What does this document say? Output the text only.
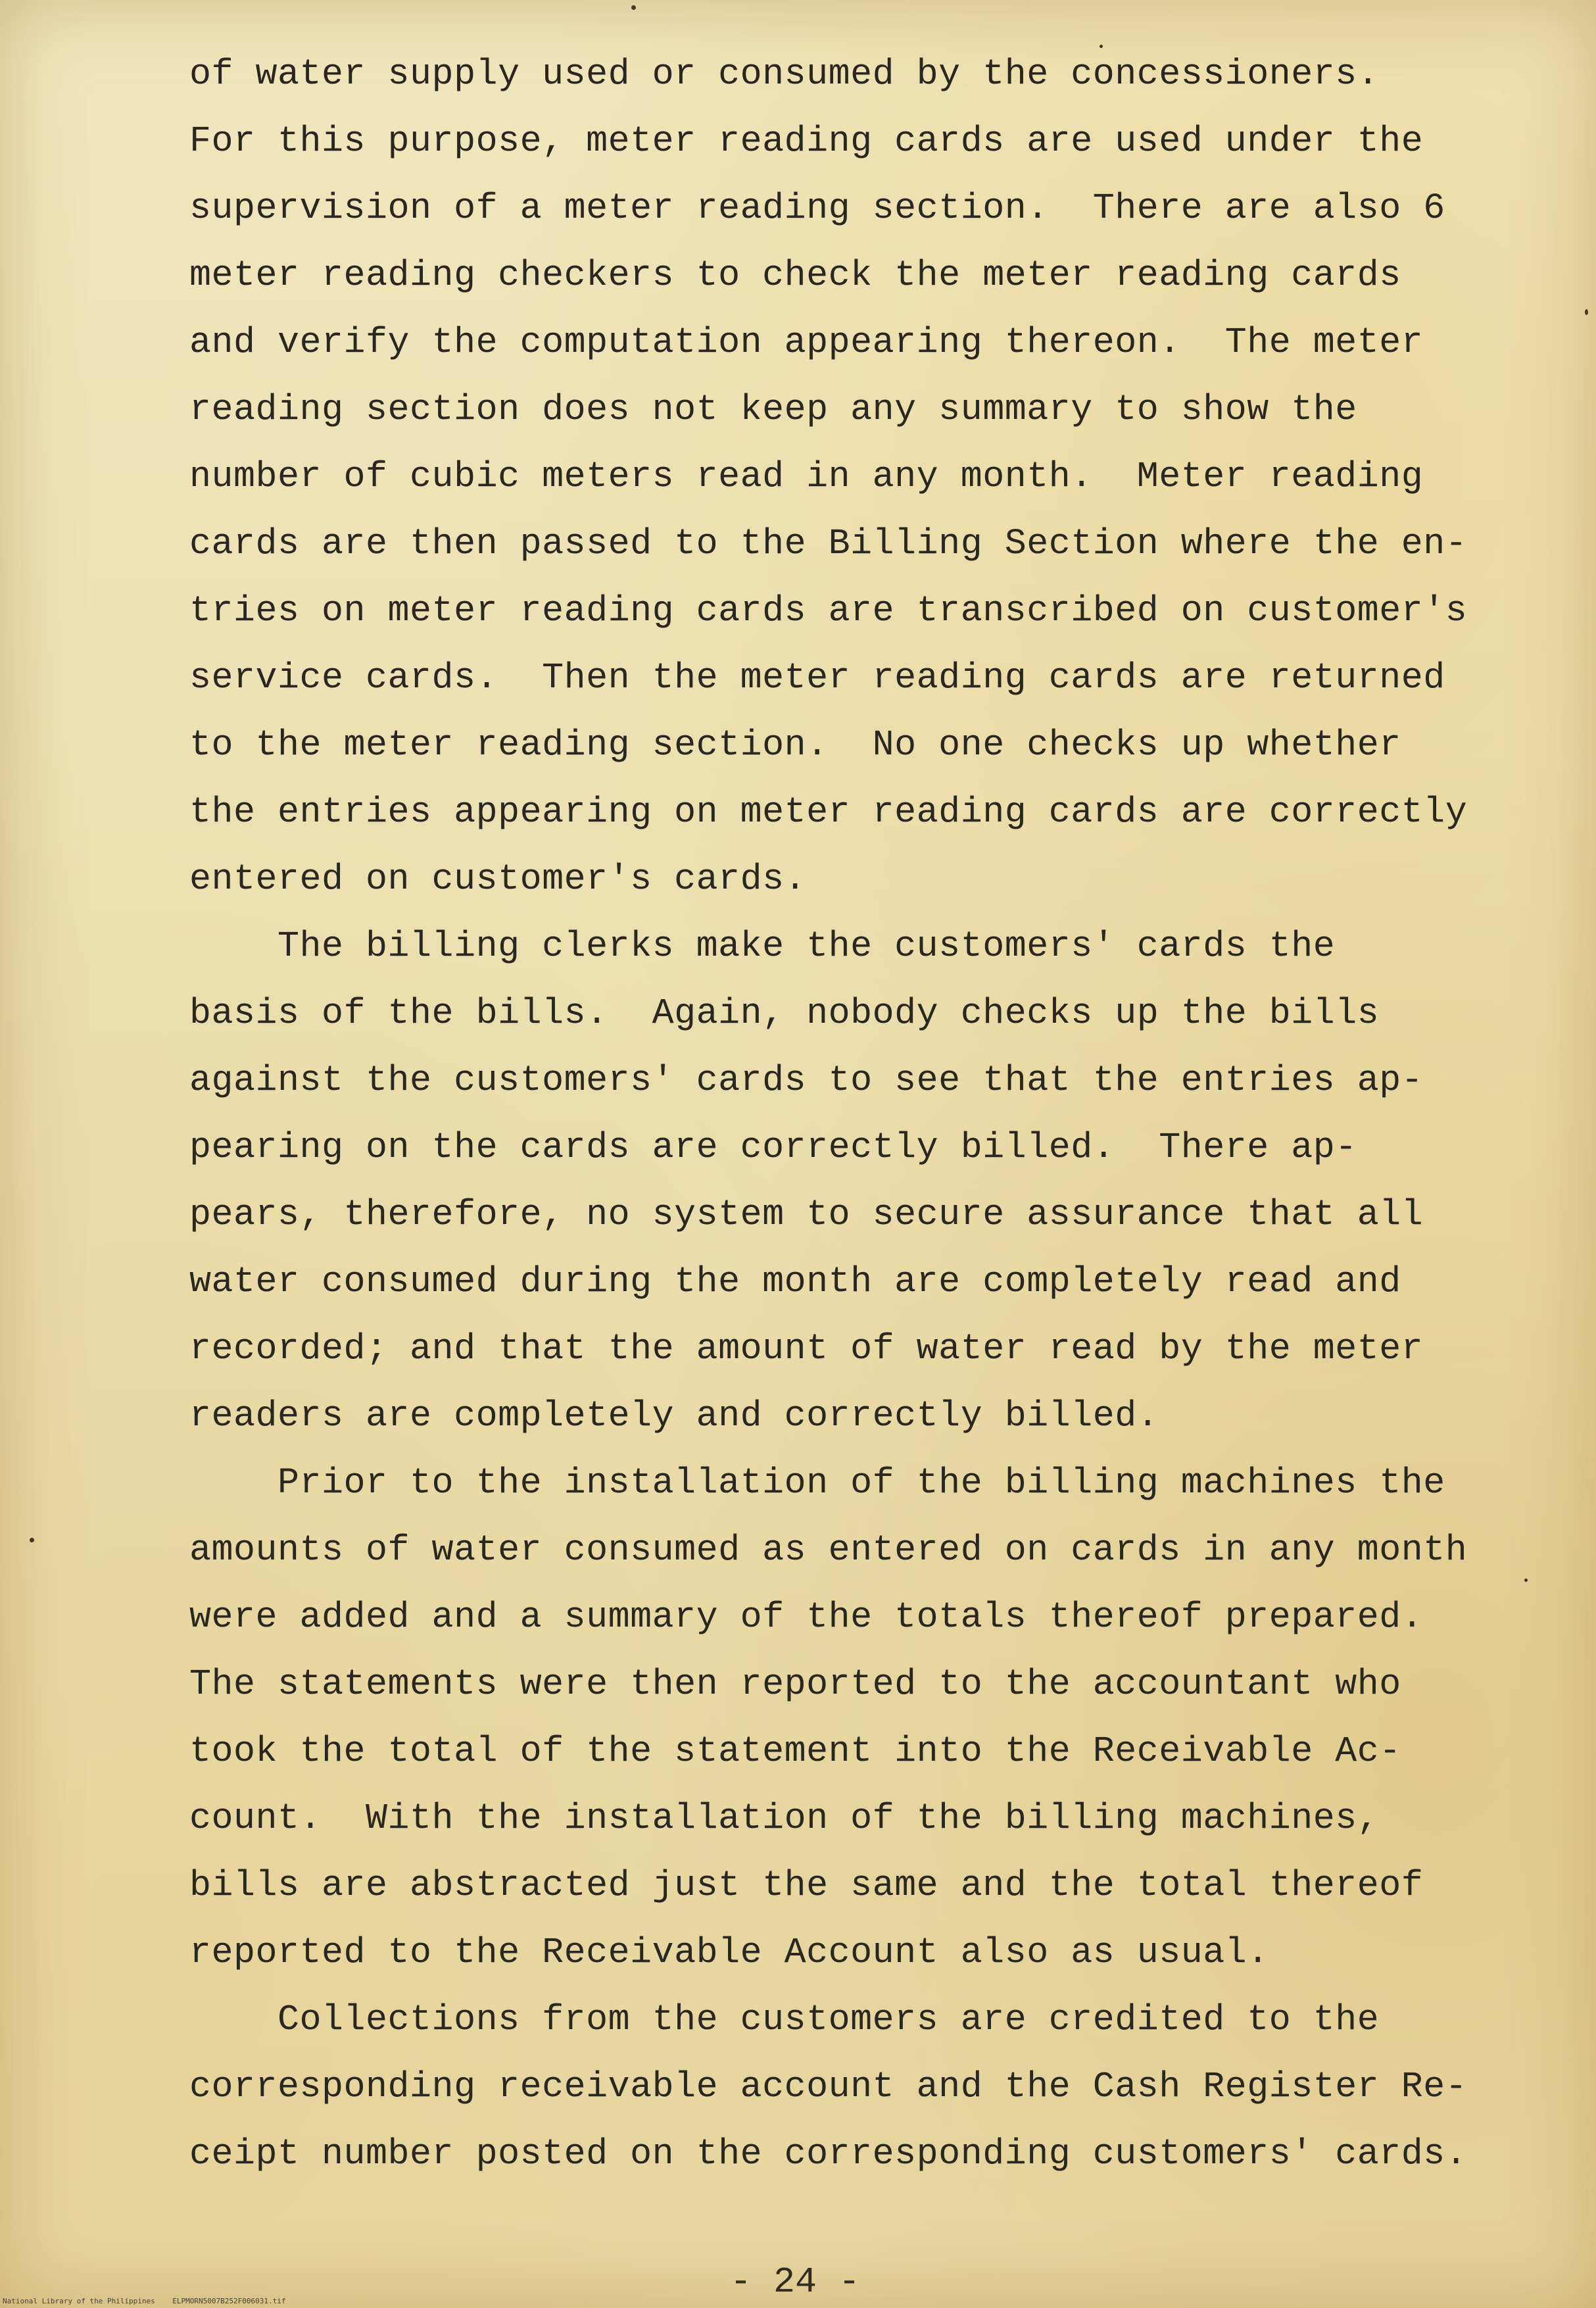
of water supply used or consumed by the concessioners.
For this purpose, meter reading cards are used under the
supervision of a meter reading section.  There are also 6
meter reading checkers to check the meter reading cards
and verify the computation appearing thereon.  The meter
reading section does not keep any summary to show the
number of cubic meters read in any month.  Meter reading
cards are then passed to the Billing Section where the en-
tries on meter reading cards are transcribed on customer's
service cards.  Then the meter reading cards are returned
to the meter reading section.  No one checks up whether
the entries appearing on meter reading cards are correctly
entered on customer's cards.
The billing clerks make the customers' cards the
basis of the bills.  Again, nobody checks up the bills
against the customers' cards to see that the entries ap-
pearing on the cards are correctly billed.  There ap-
pears, therefore, no system to secure assurance that all
water consumed during the month are completely read and
recorded; and that the amount of water read by the meter
readers are completely and correctly billed.
Prior to the installation of the billing machines the
amounts of water consumed as entered on cards in any month
were added and a summary of the totals thereof prepared.
The statements were then reported to the accountant who
took the total of the statement into the Receivable Ac-
count.  With the installation of the billing machines,
bills are abstracted just the same and the total thereof
reported to the Receivable Account also as usual.
Collections from the customers are credited to the
corresponding receivable account and the Cash Register Re-
ceipt number posted on the corresponding customers' cards.
- 24 -
National Library of the Philippines    ELPMORN5007B252F006031.tif
